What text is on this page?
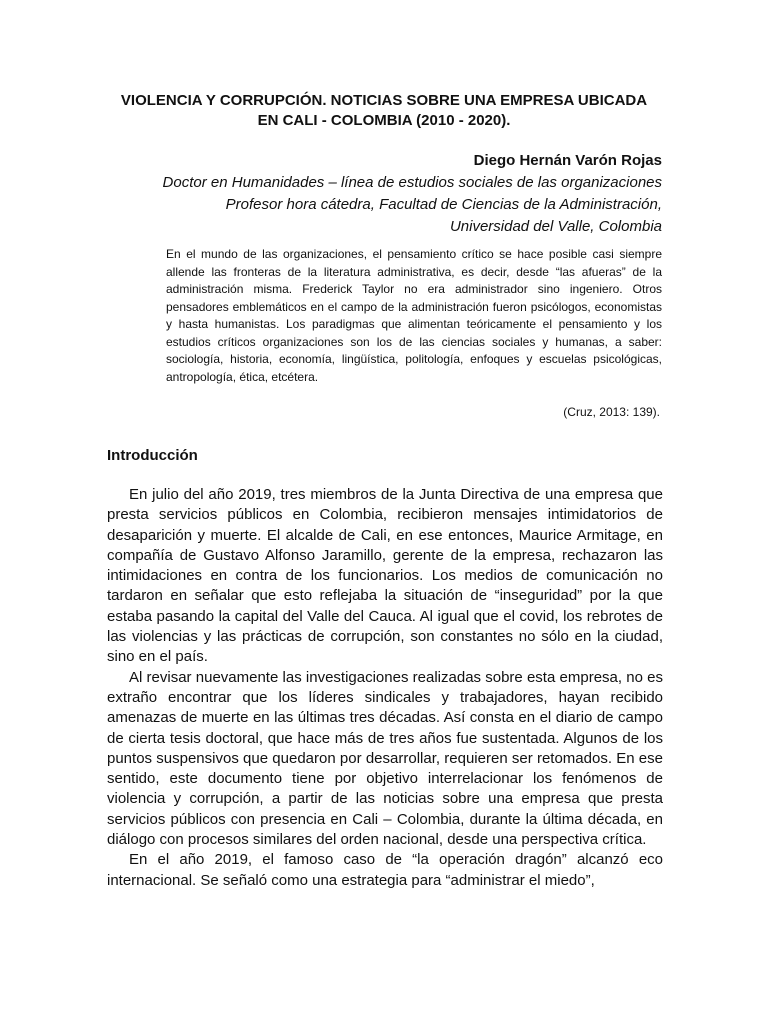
VIOLENCIA Y CORRUPCIÓN. NOTICIAS SOBRE UNA EMPRESA UBICADA
EN CALI - COLOMBIA (2010 - 2020).
Diego Hernán Varón Rojas
Doctor en Humanidades – línea de estudios sociales de las organizaciones
Profesor hora cátedra, Facultad de Ciencias de la Administración,
Universidad del Valle, Colombia
En el mundo de las organizaciones, el pensamiento crítico se hace posible casi siempre allende las fronteras de la literatura administrativa, es decir, desde “las afueras” de la administración misma. Frederick Taylor no era administrador sino ingeniero. Otros pensadores emblemáticos en el campo de la administración fueron psicólogos, economistas y hasta humanistas. Los paradigmas que alimentan teóricamente el pensamiento y los estudios críticos organizaciones son los de las ciencias sociales y humanas, a saber: sociología, historia, economía, lingüística, politología, enfoques y escuelas psicológicas, antropología, ética, etcétera.
(Cruz, 2013: 139).
Introducción

En julio del año 2019, tres miembros de la Junta Directiva de una empresa que presta servicios públicos en Colombia, recibieron mensajes intimidatorios de desaparición y muerte. El alcalde de Cali, en ese entonces, Maurice Armitage, en compañía de Gustavo Alfonso Jaramillo, gerente de la empresa, rechazaron las intimidaciones en contra de los funcionarios. Los medios de comunicación no tardaron en señalar que esto reflejaba la situación de “inseguridad” por la que estaba pasando la capital del Valle del Cauca. Al igual que el covid, los rebrotes de las violencias y las prácticas de corrupción, son constantes no sólo en la ciudad, sino en el país.

Al revisar nuevamente las investigaciones realizadas sobre esta empresa, no es extraño encontrar que los líderes sindicales y trabajadores, hayan recibido amenazas de muerte en las últimas tres décadas. Así consta en el diario de campo de cierta tesis doctoral, que hace más de tres años fue sustentada. Algunos de los puntos suspensivos que quedaron por desarrollar, requieren ser retomados. En ese sentido, este documento tiene por objetivo interrelacionar los fenómenos de violencia y corrupción, a partir de las noticias sobre una empresa que presta servicios públicos con presencia en Cali – Colombia, durante la última década, en diálogo con procesos similares del orden nacional, desde una perspectiva crítica.

En el año 2019, el famoso caso de “la operación dragón” alcanzó eco internacional. Se señaló como una estrategia para “administrar el miedo”,
